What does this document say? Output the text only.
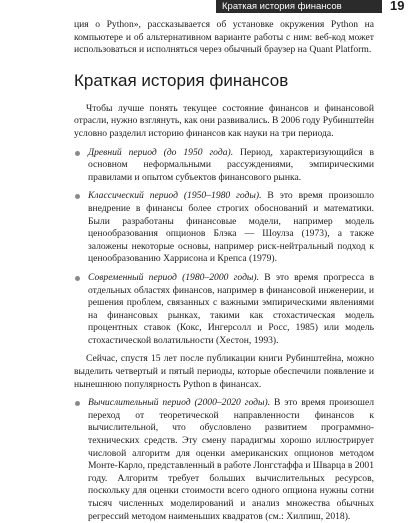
Краткая история финансов	19

ция о Python», рассказывается об установке окружения Python на компьютере и об альтернативном варианте работы с ним: веб-код может использоваться и исполняться через обычный браузер на Quant Platform.

Краткая история финансов

Чтобы лучше понять текущее состояние финансов и финансовой отрасли, нужно взглянуть, как они развивались. В 2006 году Рубинштейн условно разделил историю финансов как науки на три периода.

Древний период (до 1950 года). Период, характеризующийся в основном неформальными рассуждениями, эмпирическими правилами и опытом субъектов финансового рынка.
Классический период (1950–1980 годы). В это время произошло внедрение в финансы более строгих обоснований и математики. Были разработаны финансовые модели, например модель ценообразования опционов Блэка — Шоулза (1973), а также заложены некоторые основы, например риск-нейтральный подход к ценообразованию Харрисона и Крепса (1979).
Современный период (1980–2000 годы). В это время прогресса в отдельных областях финансов, например в финансовой инженерии, и решения проблем, связанных с важными эмпирическими явлениями на финансовых рынках, такими как стохастическая модель процентных ставок (Кокс, Ингерсолл и Росс, 1985) или модель стохастической волатильности (Хестон, 1993).

Сейчас, спустя 15 лет после публикации книги Рубинштейна, можно выделить четвертый и пятый периоды, которые обеспечили появление и нынешнюю популярность Python в финансах.

Вычислительный период (2000–2020 годы). В это время произошел переход от теоретической направленности финансов к вычислительной, что обусловлено развитием программно-технических средств. Эту смену парадигмы хорошо иллюстрирует числовой алгоритм для оценки американских опционов методом Монте-Карло, представленный в работе Лонгстаффа и Шварца в 2001 году. Алгоритм требует больших вычислительных ресурсов, поскольку для оценки стоимости всего одного опциона нужны сотни тысяч численных моделирований и анализ множества обычных регрессий методом наименьших квадратов (см.: Хилпиш, 2018).
